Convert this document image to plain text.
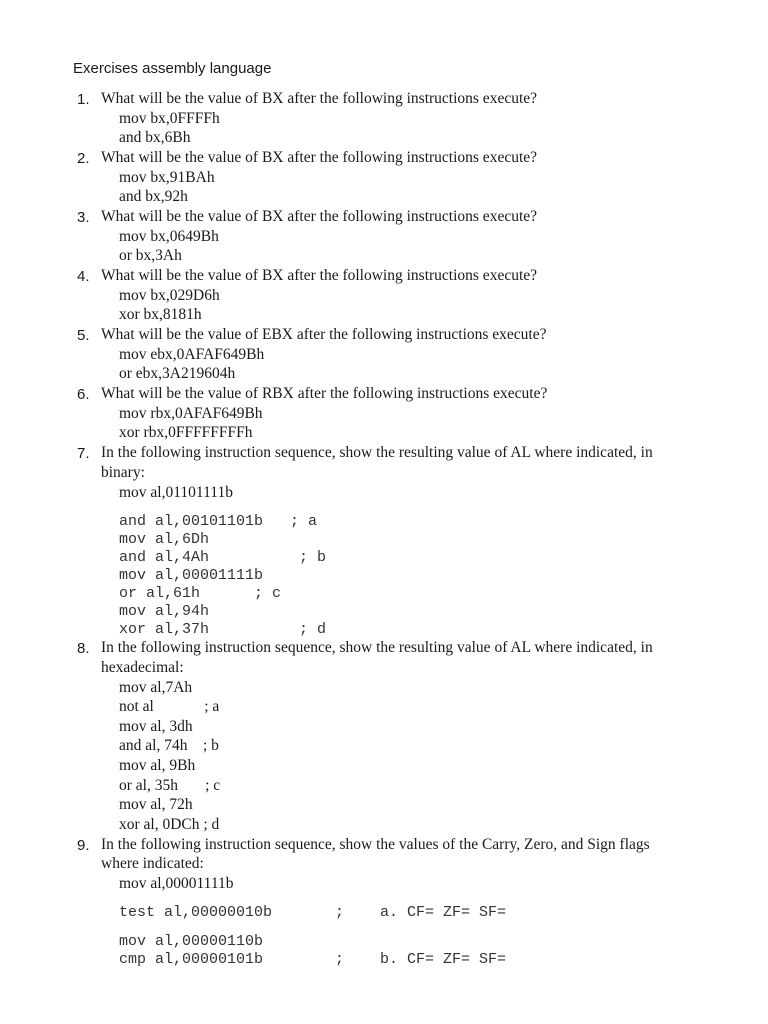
Exercises assembly language
1. What will be the value of BX after the following instructions execute?
mov bx,0FFFFh
and bx,6Bh
2. What will be the value of BX after the following instructions execute?
mov bx,91BAh
and bx,92h
3. What will be the value of BX after the following instructions execute?
mov bx,0649Bh
or bx,3Ah
4. What will be the value of BX after the following instructions execute?
mov bx,029D6h
xor bx,8181h
5. What will be the value of EBX after the following instructions execute?
mov ebx,0AFAF649Bh
or ebx,3A219604h
6. What will be the value of RBX after the following instructions execute?
mov rbx,0AFAF649Bh
xor rbx,0FFFFFFFFh
7. In the following instruction sequence, show the resulting value of AL where indicated, in
binary:
mov al,01101111b
and al,00101101b   ; a
mov al,6Dh
and al,4Ah          ; b
mov al,00001111b
or al,61h      ; c
mov al,94h
xor al,37h          ; d
8. In the following instruction sequence, show the resulting value of AL where indicated, in
hexadecimal:
mov al,7Ah
not al             ; a
mov al, 3dh
and al, 74h    ; b
mov al, 9Bh
or al, 35h       ; c
mov al, 72h
xor al, 0DCh ; d
9. In the following instruction sequence, show the values of the Carry, Zero, and Sign flags
where indicated:
mov al,00001111b
test al,00000010b       ;    a. CF= ZF= SF=
mov al,00000110b
cmp al,00000101b        ;    b. CF= ZF= SF=
